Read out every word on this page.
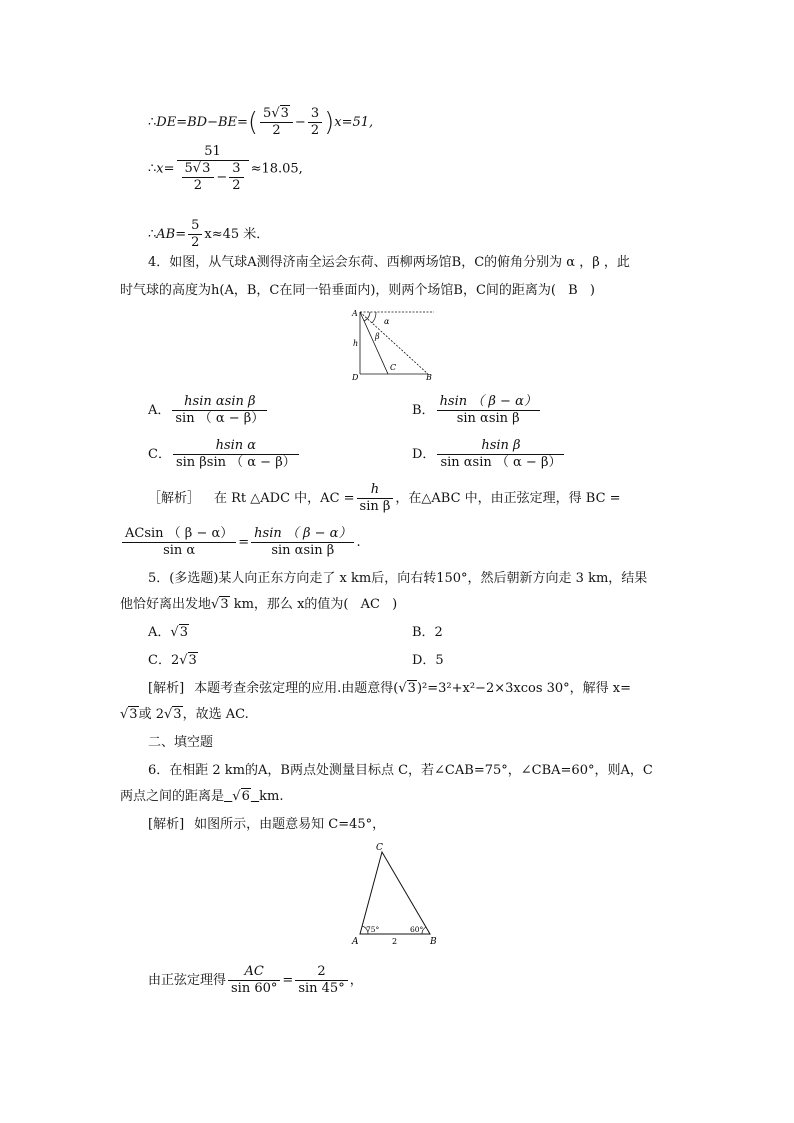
∴DE=BD−BE=( $\frac{5√3}{2} - \frac{3}{2} )x=51$,
∴x= $\frac{51}{\frac{5√3}{2} - \frac{3}{2}} \approx 18.05$,
∴AB= $\frac{5}{2} x\approx 45$ 米．
4．如图，从气球A测得济南全运会东荷、西柳两场馆B，C的俯角分别为 α ，β ，此
时气球的高度为h(A，B，C在同一铅垂面内)，则两个场馆B，C间的距离为( B )
A
α
β
h
C
D	B
A． $\frac{\text{hsin αsin β}}{\sin ( \alpha - \beta)}$	B． $\frac{hsin ( \beta - \alpha)}{\text{sin αsin β}}$
C． $\frac{\text{hsin α}}{\text{sin βsin （ α − β）}}$	D． $\frac{\text{hsin β}}{\text{sin αsin （ α − β）}}$
［解析］ 在 Rt △ADC 中，AC = $\frac{h}{\text{sin β}}$ ，在△ABC 中，由正弦定理，得 BC =
$\frac{ACsin ( \beta - \alpha)}{\text{sin α}} = \frac{hsin ( \beta - \alpha)}{\text{sin αsin β}}$ .
5．(多选题)某人向正东方向走了 x km后，向右转150°，然后朝新方向走 3 km，结果
他恰好离出发地√3 km，那么 x的值为( AC )
A．√3	B．2
C．2√3	D．5
[解析] 本题考查余弦定理的应用.由题意得(√3)²=3²+x²−2×3xcos 30°，解得 x=
√3或 2√3，故选 AC.
二、填空题
6．在相距 2 km的A，B两点处测量目标点 C，若∠CAB=75°，∠CBA=60°，则A，C
两点之间的距离是 √6 km.
[解析] 如图所示，由题意易知 C=45°，
C
A	B
75°	60°
2
由正弦定理得 $\frac{AC}{\sin 60^\circ} = \frac{2}{\sin 45^\circ}$ ，
